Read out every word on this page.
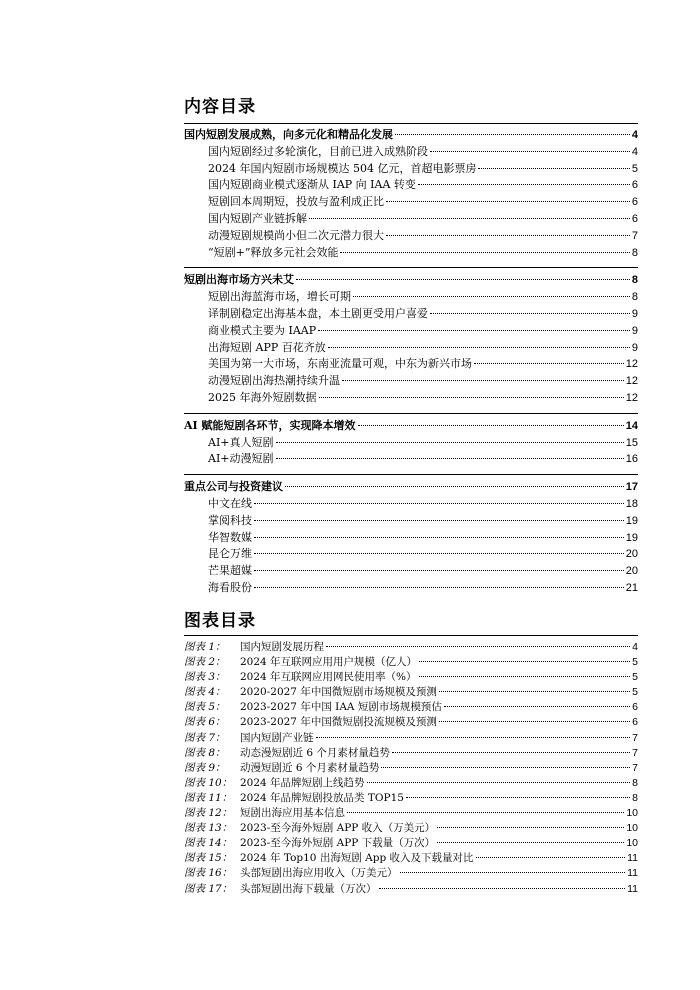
内容目录
国内短剧发展成熟，向多元化和精品化发展	4
国内短剧经过多轮演化，目前已进入成熟阶段	4
2024 年国内短剧市场规模达 504 亿元，首超电影票房	5
国内短剧商业模式逐渐从 IAP 向 IAA 转变	6
短剧回本周期短，投放与盈利成正比	6
国内短剧产业链拆解	6
动漫短剧规模尚小但二次元潜力很大	7
“短剧+”释放多元社会效能	8
短剧出海市场方兴未艾	8
短剧出海蓝海市场，增长可期	8
译制剧稳定出海基本盘，本土剧更受用户喜爱	9
商业模式主要为 IAAP	9
出海短剧 APP 百花齐放	9
美国为第一大市场，东南亚流量可观，中东为新兴市场	12
动漫短剧出海热潮持续升温	12
2025 年海外短剧数据	12
AI 赋能短剧各环节，实现降本增效	14
AI+真人短剧	15
AI+动漫短剧	16
重点公司与投资建议	17
中文在线	18
掌阅科技	19
华智数媒	19
昆仑万维	20
芒果超媒	20
海看股份	21
图表目录
图表 1：	国内短剧发展历程	4
图表 2：	2024 年互联网应用用户规模（亿人）	5
图表 3：	2024 年互联网应用网民使用率（%）	5
图表 4：	2020-2027 年中国微短剧市场规模及预测	5
图表 5：	2023-2027 年中国 IAA 短剧市场规模预估	6
图表 6：	2023-2027 年中国微短剧投流规模及预测	6
图表 7：	国内短剧产业链	7
图表 8：	动态漫短剧近 6 个月素材量趋势	7
图表 9：	动漫短剧近 6 个月素材量趋势	7
图表 10： 2024 年品牌短剧上线趋势	8
图表 11： 2024 年品牌短剧投放品类 TOP15	8
图表 12： 短剧出海应用基本信息	10
图表 13： 2023-至今海外短剧 APP 收入（万美元）	10
图表 14： 2023-至今海外短剧 APP 下载量（万次）	10
图表 15： 2024 年 Top10 出海短剧 App 收入及下载量对比	11
图表 16： 头部短剧出海应用收入（万美元）	11
图表 17： 头部短剧出海下载量（万次）	11
